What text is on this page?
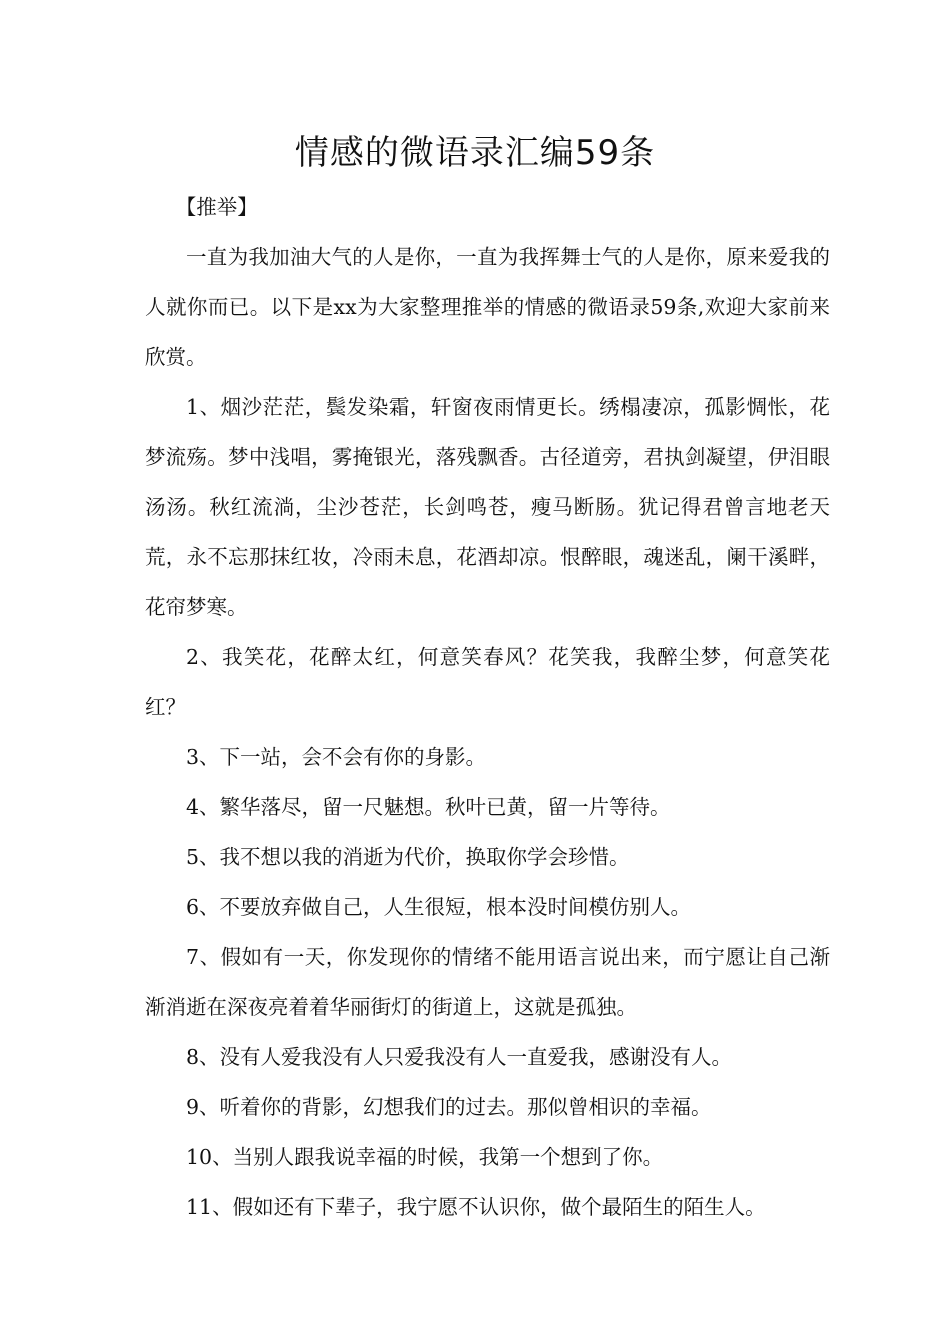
情感的微语录汇编59条

【推举】

一直为我加油大气的人是你，一直为我挥舞士气的人是你，原来爱我的人就你而已。以下是xx为大家整理推举的情感的微语录59条,欢迎大家前来欣赏。

1、烟沙茫茫，鬓发染霜，轩窗夜雨情更长。绣榻凄凉，孤影惆怅，花梦流殇。梦中浅唱，雾掩银光，落残飘香。古径道旁，君执剑凝望，伊泪眼汤汤。秋红流淌，尘沙苍茫，长剑鸣苍，瘦马断肠。犹记得君曾言地老天荒，永不忘那抹红妆，冷雨未息，花酒却凉。恨醉眼，魂迷乱，阑干溪畔，花帘梦寒。

2、我笑花，花醉太红，何意笑春风？花笑我，我醉尘梦，何意笑花红？

3、下一站，会不会有你的身影。

4、繁华落尽，留一尺魅想。秋叶已黄，留一片等待。

5、我不想以我的消逝为代价，换取你学会珍惜。

6、不要放弃做自己，人生很短，根本没时间模仿别人。

7、假如有一天，你发现你的情绪不能用语言说出来，而宁愿让自己渐渐消逝在深夜亮着着华丽街灯的街道上，这就是孤独。

8、没有人爱我没有人只爱我没有人一直爱我，感谢没有人。

9、听着你的背影，幻想我们的过去。那似曾相识的幸福。

10、当别人跟我说幸福的时候，我第一个想到了你。

11、假如还有下辈子，我宁愿不认识你，做个最陌生的陌生人。
